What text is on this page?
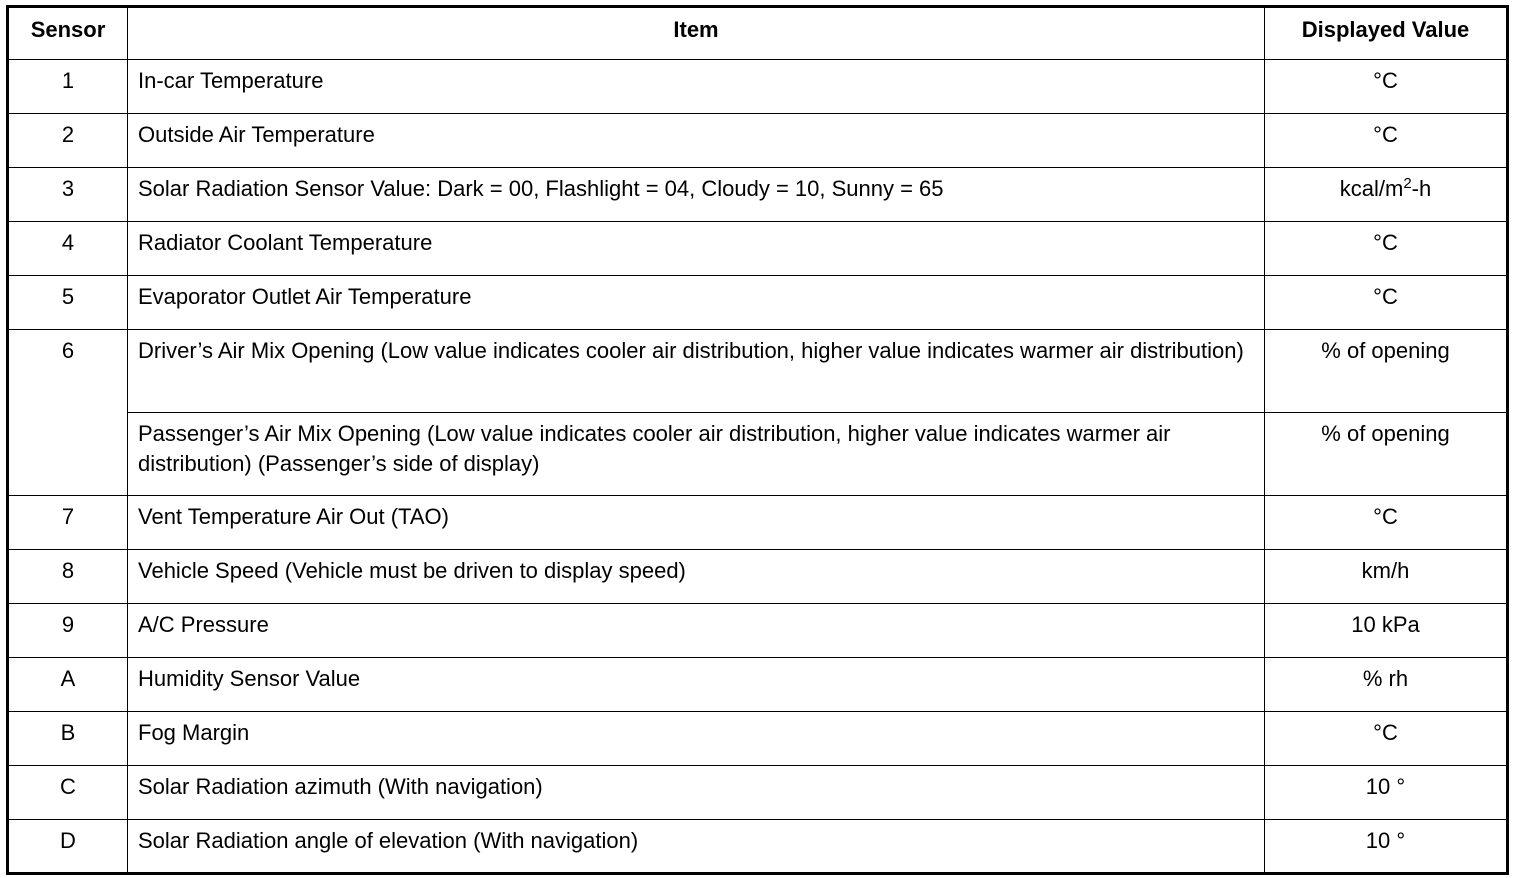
Sensor	Item	Displayed Value
1	In-car Temperature	°C
2	Outside Air Temperature	°C
3	Solar Radiation Sensor Value: Dark = 00, Flashlight = 04, Cloudy = 10, Sunny = 65	kcal/$m^2-h$
4	Radiator Coolant Temperature	°C
5	Evaporator Outlet Air Temperature	°C
6	Driver’s Air Mix Opening (Low value indicates cooler air distribution, higher value indicates warmer air distribution)	% of opening
	Passenger’s Air Mix Opening (Low value indicates cooler air distribution, higher value indicates warmer air distribution) (Passenger’s side of display)	% of opening
7	Vent Temperature Air Out (TAO)	°C
8	Vehicle Speed (Vehicle must be driven to display speed)	km/h
9	A/C Pressure	10 kPa
A	Humidity Sensor Value	% rh
B	Fog Margin	°C
C	Solar Radiation azimuth (With navigation)	10 °
D	Solar Radiation angle of elevation (With navigation)	10 °
